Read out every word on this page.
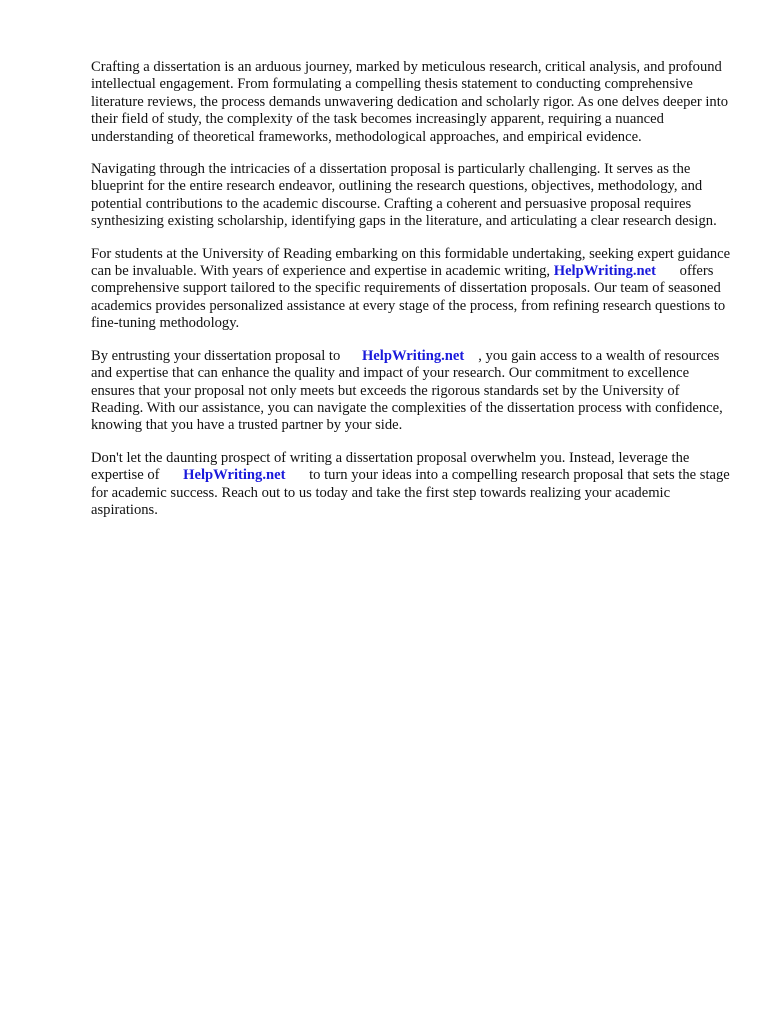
Crafting a dissertation is an arduous journey, marked by meticulous research, critical analysis, and profound intellectual engagement. From formulating a compelling thesis statement to conducting comprehensive literature reviews, the process demands unwavering dedication and scholarly rigor. As one delves deeper into their field of study, the complexity of the task becomes increasingly apparent, requiring a nuanced understanding of theoretical frameworks, methodological approaches, and empirical evidence.

Navigating through the intricacies of a dissertation proposal is particularly challenging. It serves as the blueprint for the entire research endeavor, outlining the research questions, objectives, methodology, and potential contributions to the academic discourse. Crafting a coherent and persuasive proposal requires synthesizing existing scholarship, identifying gaps in the literature, and articulating a clear research design.

For students at the University of Reading embarking on this formidable undertaking, seeking expert guidance can be invaluable. With years of experience and expertise in academic writing, HelpWriting.net offers comprehensive support tailored to the specific requirements of dissertation proposals. Our team of seasoned academics provides personalized assistance at every stage of the process, from refining research questions to fine-tuning methodology.

By entrusting your dissertation proposal to HelpWriting.net , you gain access to a wealth of resources and expertise that can enhance the quality and impact of your research. Our commitment to excellence ensures that your proposal not only meets but exceeds the rigorous standards set by the University of Reading. With our assistance, you can navigate the complexities of the dissertation process with confidence, knowing that you have a trusted partner by your side.

Don't let the daunting prospect of writing a dissertation proposal overwhelm you. Instead, leverage the expertise of HelpWriting.net to turn your ideas into a compelling research proposal that sets the stage for academic success. Reach out to us today and take the first step towards realizing your academic aspirations.
